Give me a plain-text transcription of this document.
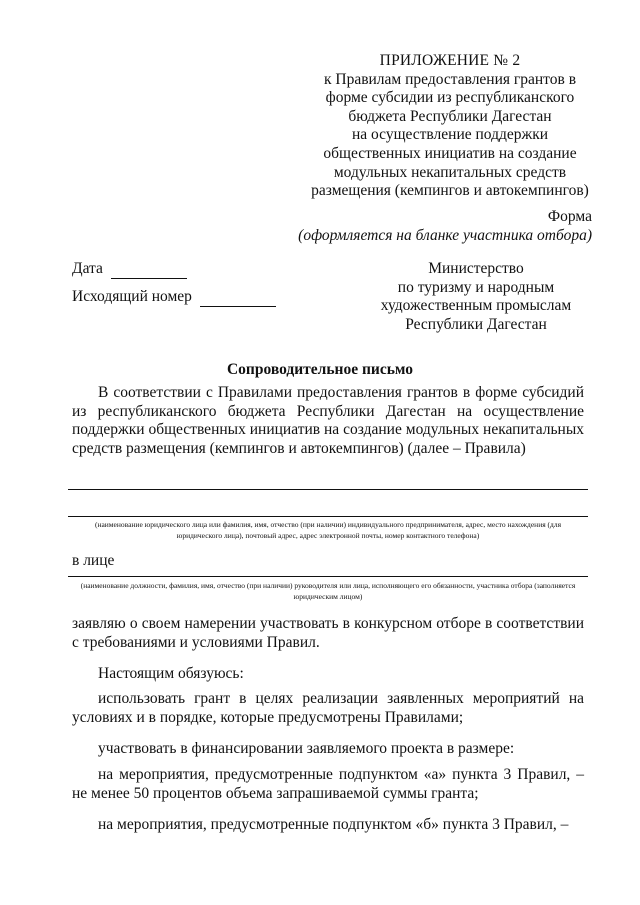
ПРИЛОЖЕНИЕ № 2
к Правилам предоставления грантов в
форме субсидии из республиканского
бюджета Республики Дагестан
на осуществление поддержки
общественных инициатив на создание
модульных некапитальных средств
размещения (кемпингов и автокемпингов)
Форма
(оформляется на бланке участника отбора)
Дата
Исходящий номер
Министерство
по туризму и народным
художественным промыслам
Республики Дагестан
Сопроводительное письмо
В соответствии с Правилами предоставления грантов в форме субсидий из республиканского бюджета Республики Дагестан на осуществление поддержки общественных инициатив на создание модульных некапитальных средств размещения (кемпингов и автокемпингов) (далее – Правила)
(наименование юридического лица или фамилия, имя, отчество (при наличии) индивидуального предпринимателя, адрес, место нахождения (для юридического лица), почтовый адрес, адрес электронной почты, номер контактного телефона)
в лице
(наименование должности, фамилия, имя, отчество (при наличии) руководителя или лица, исполняющего его обязанности, участника отбора (заполняется юридическим лицом)
заявляю о своем намерении участвовать в конкурсном отборе в соответствии с требованиями и условиями Правил.
Настоящим обязуюсь:
использовать грант в целях реализации заявленных мероприятий на условиях и в порядке, которые предусмотрены Правилами;
участвовать в финансировании заявляемого проекта в размере:
на мероприятия, предусмотренные подпунктом «а» пункта 3 Правил, – не менее 50 процентов объема запрашиваемой суммы гранта;
на мероприятия, предусмотренные подпунктом «б» пункта 3 Правил, –
